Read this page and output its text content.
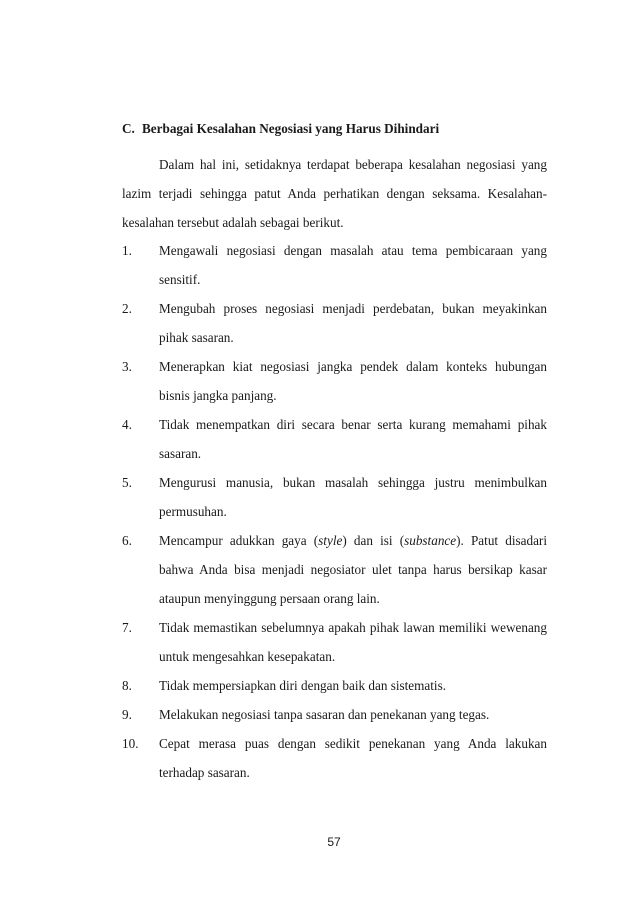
C. Berbagai Kesalahan Negosiasi yang Harus Dihindari

Dalam hal ini, setidaknya terdapat beberapa kesalahan negosiasi yang lazim terjadi sehingga patut Anda perhatikan dengan seksama. Kesalahan-kesalahan tersebut adalah sebagai berikut.

1.	Mengawali negosiasi dengan masalah atau tema pembicaraan yang sensitif.
2.	Mengubah proses negosiasi menjadi perdebatan, bukan meyakinkan pihak sasaran.
3.	Menerapkan kiat negosiasi jangka pendek dalam konteks hubungan bisnis jangka panjang.
4.	Tidak menempatkan diri secara benar serta kurang memahami pihak sasaran.
5.	Mengurusi manusia, bukan masalah sehingga justru menimbulkan permusuhan.
6.	Mencampur adukkan gaya (style) dan isi (substance). Patut disadari bahwa Anda bisa menjadi negosiator ulet tanpa harus bersikap kasar ataupun menyinggung persaan orang lain.
7.	Tidak memastikan sebelumnya apakah pihak lawan memiliki wewenang untuk mengesahkan kesepakatan.
8.	Tidak mempersiapkan diri dengan baik dan sistematis.
9.	Melakukan negosiasi tanpa sasaran dan penekanan yang tegas.
10.	Cepat merasa puas dengan sedikit penekanan yang Anda lakukan terhadap sasaran.
57
